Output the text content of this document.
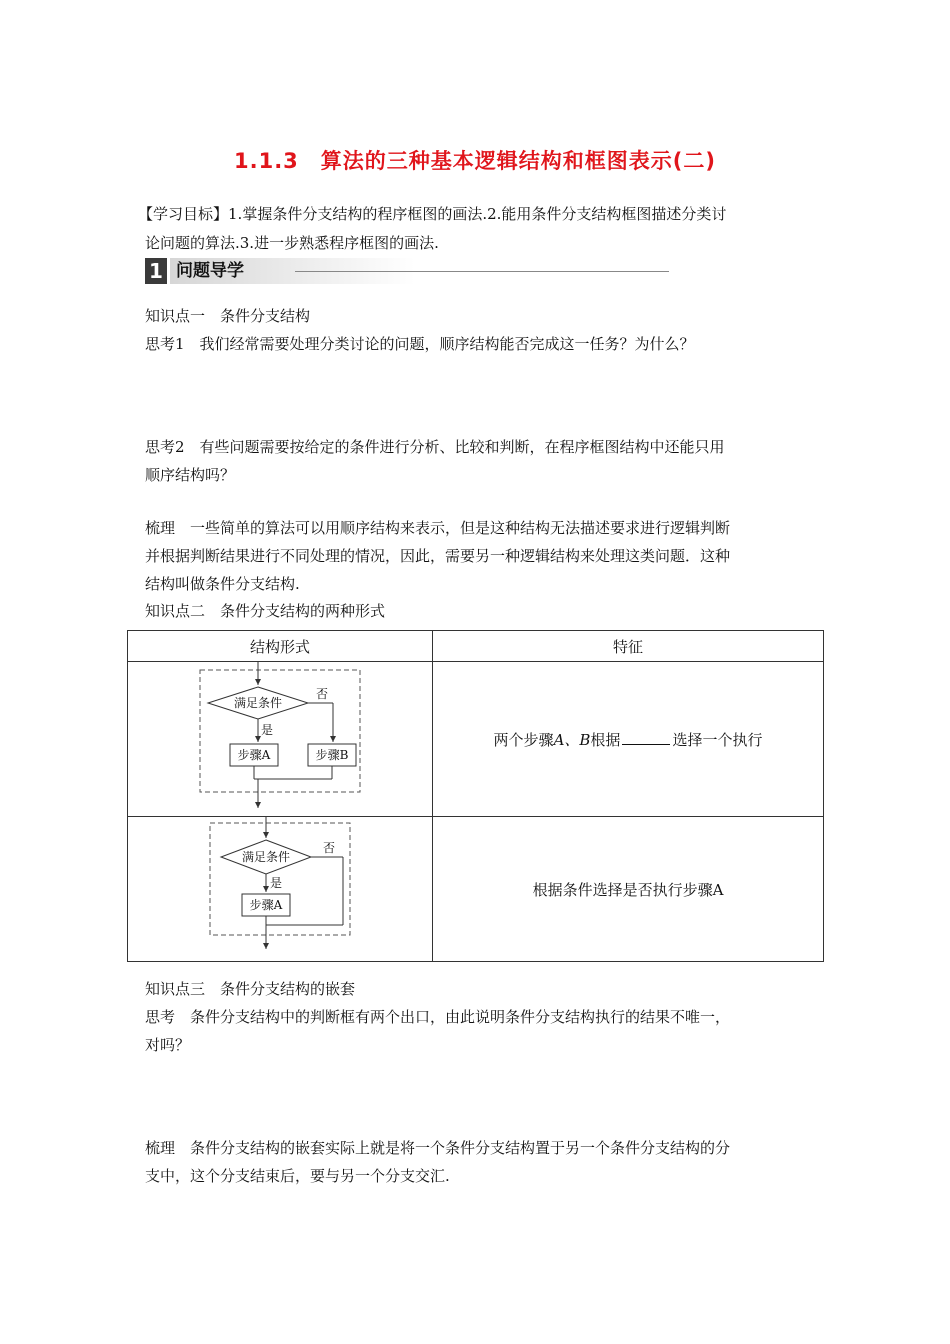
1.1.3　算法的三种基本逻辑结构和框图表示(二)
【学习目标】1.掌握条件分支结构的程序框图的画法.2.能用条件分支结构框图描述分类讨
论问题的算法.3.进一步熟悉程序框图的画法.
1 问题导学
知识点一　条件分支结构
思考1　我们经常需要处理分类讨论的问题，顺序结构能否完成这一任务？为什么？
思考2　有些问题需要按给定的条件进行分析、比较和判断，在程序框图结构中还能只用
顺序结构吗？
梳理　一些简单的算法可以用顺序结构来表示，但是这种结构无法描述要求进行逻辑判断
并根据判断结果进行不同处理的情况，因此，需要另一种逻辑结构来处理这类问题．这种
结构叫做条件分支结构.
知识点二　条件分支结构的两种形式
结构形式	特征

满足条件
否
是
步骤A 步骤B	两个步骤A、B根据 选择一个执行

满足条件
否
是
步骤A	根据条件选择是否执行步骤A
知识点三　条件分支结构的嵌套
思考　条件分支结构中的判断框有两个出口，由此说明条件分支结构执行的结果不唯一，
对吗？
梳理　条件分支结构的嵌套实际上就是将一个条件分支结构置于另一个条件分支结构的分
支中，这个分支结束后，要与另一个分支交汇.
